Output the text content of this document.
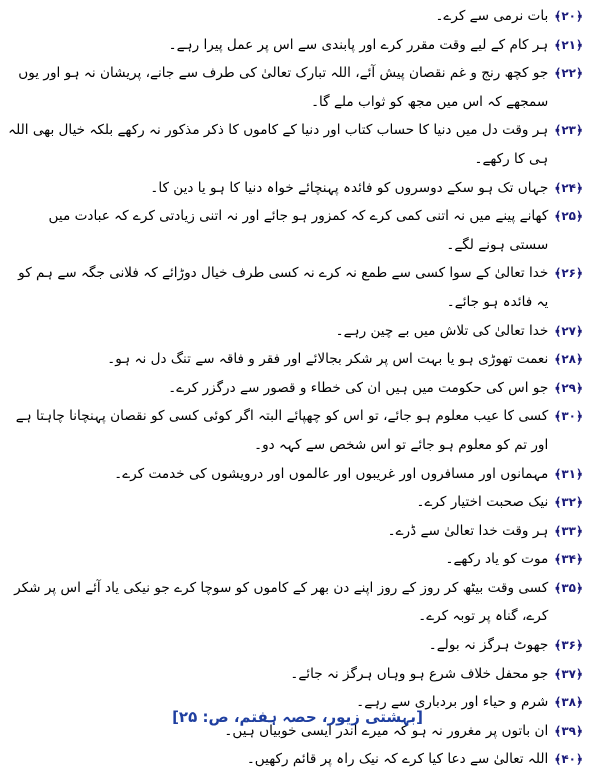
﴿۲۰﴾
بات نرمی سے کرے۔
﴿۲۱﴾
ہر کام کے لیے وقت مقرر کرے اور پابندی سے اس پر عمل پیرا رہے۔
﴿۲۲﴾
جو کچھ رنج و غم نقصان پیش آئے، اللہ تبارک تعالیٰ کی طرف سے جانے، پریشان نہ ہو اور یوں سمجھے کہ اس میں مجھ کو ثواب ملے گا۔
﴿۲۳﴾
ہر وقت دل میں دنیا کا حساب کتاب اور دنیا کے کاموں کا ذکر مذکور نہ رکھے بلکہ خیال بھی اللہ ہی کا رکھے۔
﴿۲۴﴾
جہاں تک ہو سکے دوسروں کو فائدہ پہنچائے خواہ دنیا کا ہو یا دین کا۔
﴿۲۵﴾
کھانے پینے میں نہ اتنی کمی کرے کہ کمزور ہو جائے اور نہ اتنی زیادتی کرے کہ عبادت میں سستی ہونے لگے۔
﴿۲۶﴾
خدا تعالیٰ کے سوا کسی سے طمع نہ کرے نہ کسی طرف خیال دوڑائے کہ فلانی جگہ سے ہم کو یہ فائدہ ہو جائے۔
﴿۲۷﴾
خدا تعالیٰ کی تلاش میں بے چین رہے۔
﴿۲۸﴾
نعمت تھوڑی ہو یا بہت اس پر شکر بجالائے اور فقر و فاقہ سے تنگ دل نہ ہو۔
﴿۲۹﴾
جو اس کی حکومت میں ہیں ان کی خطاء و قصور سے درگزر کرے۔
﴿۳۰﴾
کسی کا عیب معلوم ہو جائے، تو اس کو چھپائے البتہ اگر کوئی کسی کو نقصان پہنچانا چاہتا ہے اور تم کو معلوم ہو جائے تو اس شخص سے کہہ دو۔
﴿۳۱﴾
مہمانوں اور مسافروں اور غریبوں اور عالموں اور درویشوں کی خدمت کرے۔
﴿۳۲﴾
نیک صحبت اختیار کرے۔
﴿۳۳﴾
ہر وقت خدا تعالیٰ سے ڈرے۔
﴿۳۴﴾
موت کو یاد رکھے۔
﴿۳۵﴾
کسی وقت بیٹھ کر روز کے روز اپنے دن بھر کے کاموں کو سوچا کرے جو نیکی یاد آئے اس پر شکر کرے، گناہ پر توبہ کرے۔
﴿۳۶﴾
جھوٹ ہرگز نہ بولے۔
﴿۳۷﴾
جو محفل خلاف شرع ہو وہاں ہرگز نہ جائے۔
﴿۳۸﴾
شرم و حیاء اور بردباری سے رہے۔
﴿۳۹﴾
ان باتوں پر مغرور نہ ہو کہ میرے اندر ایسی خوبیاں ہیں۔
﴿۴۰﴾
اللہ تعالیٰ سے دعا کیا کرے کہ نیک راہ پر قائم رکھیں۔
[بہشتی زیور، حصہ ہفتم، ص: ۲۵]
